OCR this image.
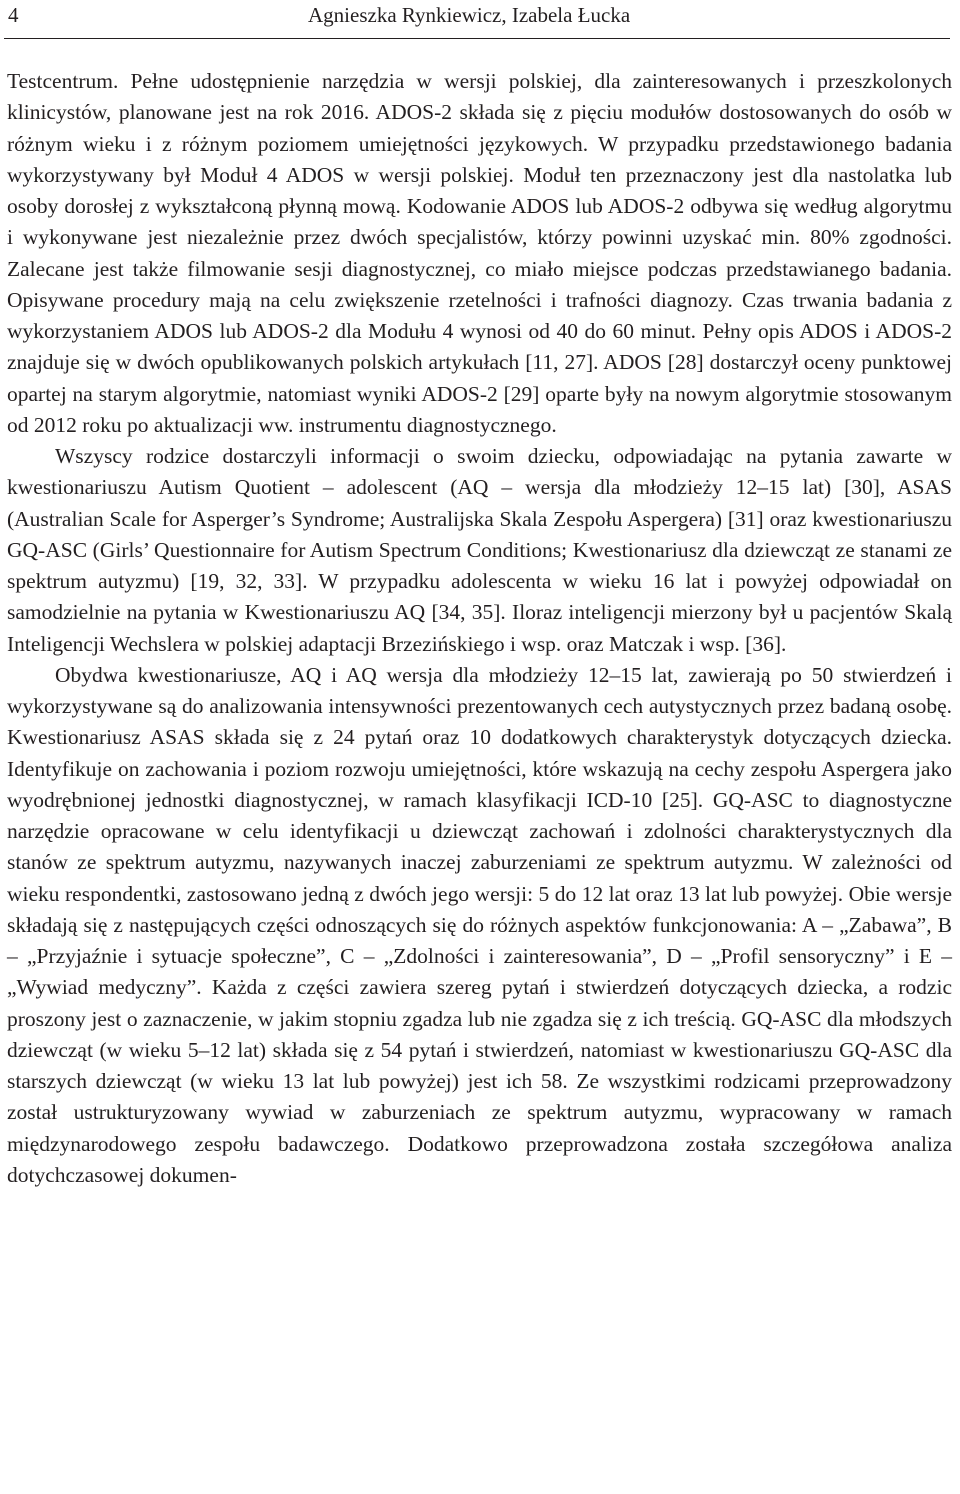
4	Agnieszka Rynkiewicz, Izabela Łucka

Testcentrum. Pełne udostępnienie narzędzia w wersji polskiej, dla zainteresowanych i przeszkolonych klinicystów, planowane jest na rok 2016. ADOS-2 składa się z pięciu modułów dostosowanych do osób w różnym wieku i z różnym poziomem umiejętności językowych. W przypadku przedstawionego badania wykorzystywany był Moduł 4 ADOS w wersji polskiej. Moduł ten przeznaczony jest dla nastolatka lub osoby dorosłej z wykształconą płynną mową. Kodowanie ADOS lub ADOS-2 odbywa się według algorytmu i wykonywane jest niezależnie przez dwóch specjalistów, którzy powinni uzyskać min. 80% zgodności. Zalecane jest także filmowanie sesji diagnostycznej, co miało miejsce podczas przedstawianego badania. Opisywane procedury mają na celu zwiększenie rzetelności i trafności diagnozy. Czas trwania badania z wykorzystaniem ADOS lub ADOS-2 dla Modułu 4 wynosi od 40 do 60 minut. Pełny opis ADOS i ADOS-2 znajduje się w dwóch opublikowanych polskich artykułach [11, 27]. ADOS [28] dostarczył oceny punktowej opartej na starym algorytmie, natomiast wyniki ADOS-2 [29] oparte były na nowym algorytmie stosowanym od 2012 roku po aktualizacji ww. instrumentu diagnostycznego.

Wszyscy rodzice dostarczyli informacji o swoim dziecku, odpowiadając na pytania zawarte w kwestionariuszu Autism Quotient – adolescent (AQ – wersja dla młodzieży 12–15 lat) [30], ASAS (Australian Scale for Asperger’s Syndrome; Australijska Skala Zespołu Aspergera) [31] oraz kwestionariuszu GQ-ASC (Girls’ Questionnaire for Autism Spectrum Conditions; Kwestionariusz dla dziewcząt ze stanami ze spektrum autyzmu) [19, 32, 33]. W przypadku adolescenta w wieku 16 lat i powyżej odpowiadał on samodzielnie na pytania w Kwestionariuszu AQ [34, 35]. Iloraz inteligencji mierzony był u pacjentów Skalą Inteligencji Wechslera w polskiej adaptacji Brzezińskiego i wsp. oraz Matczak i wsp. [36].

Obydwa kwestionariusze, AQ i AQ wersja dla młodzieży 12–15 lat, zawierają po 50 stwierdzeń i wykorzystywane są do analizowania intensywności prezentowanych cech autystycznych przez badaną osobę. Kwestionariusz ASAS składa się z 24 pytań oraz 10 dodatkowych charakterystyk dotyczących dziecka. Identyfikuje on zachowania i poziom rozwoju umiejętności, które wskazują na cechy zespołu Aspergera jako wyodrębnionej jednostki diagnostycznej, w ramach klasyfikacji ICD-10 [25]. GQ-ASC to diagnostyczne narzędzie opracowane w celu identyfikacji u dziewcząt zachowań i zdolności charakterystycznych dla stanów ze spektrum autyzmu, nazywanych inaczej zaburzeniami ze spektrum autyzmu. W zależności od wieku respondentki, zastosowano jedną z dwóch jego wersji: 5 do 12 lat oraz 13 lat lub powyżej. Obie wersje składają się z następujących części odnoszących się do różnych aspektów funkcjonowania: A – „Zabawa”, B – „Przyjaźnie i sytuacje społeczne”, C – „Zdolności i zainteresowania”, D – „Profil sensoryczny” i E – „Wywiad medyczny”. Każda z części zawiera szereg pytań i stwierdzeń dotyczących dziecka, a rodzic proszony jest o zaznaczenie, w jakim stopniu zgadza lub nie zgadza się z ich treścią. GQ-ASC dla młodszych dziewcząt (w wieku 5–12 lat) składa się z 54 pytań i stwierdzeń, natomiast w kwestionariuszu GQ-ASC dla starszych dziewcząt (w wieku 13 lat lub powyżej) jest ich 58. Ze wszystkimi rodzicami przeprowadzony został ustrukturyzowany wywiad w zaburzeniach ze spektrum autyzmu, wypracowany w ramach międzynarodowego zespołu badawczego. Dodatkowo przeprowadzona została szczegółowa analiza dotychczasowej dokumen-
